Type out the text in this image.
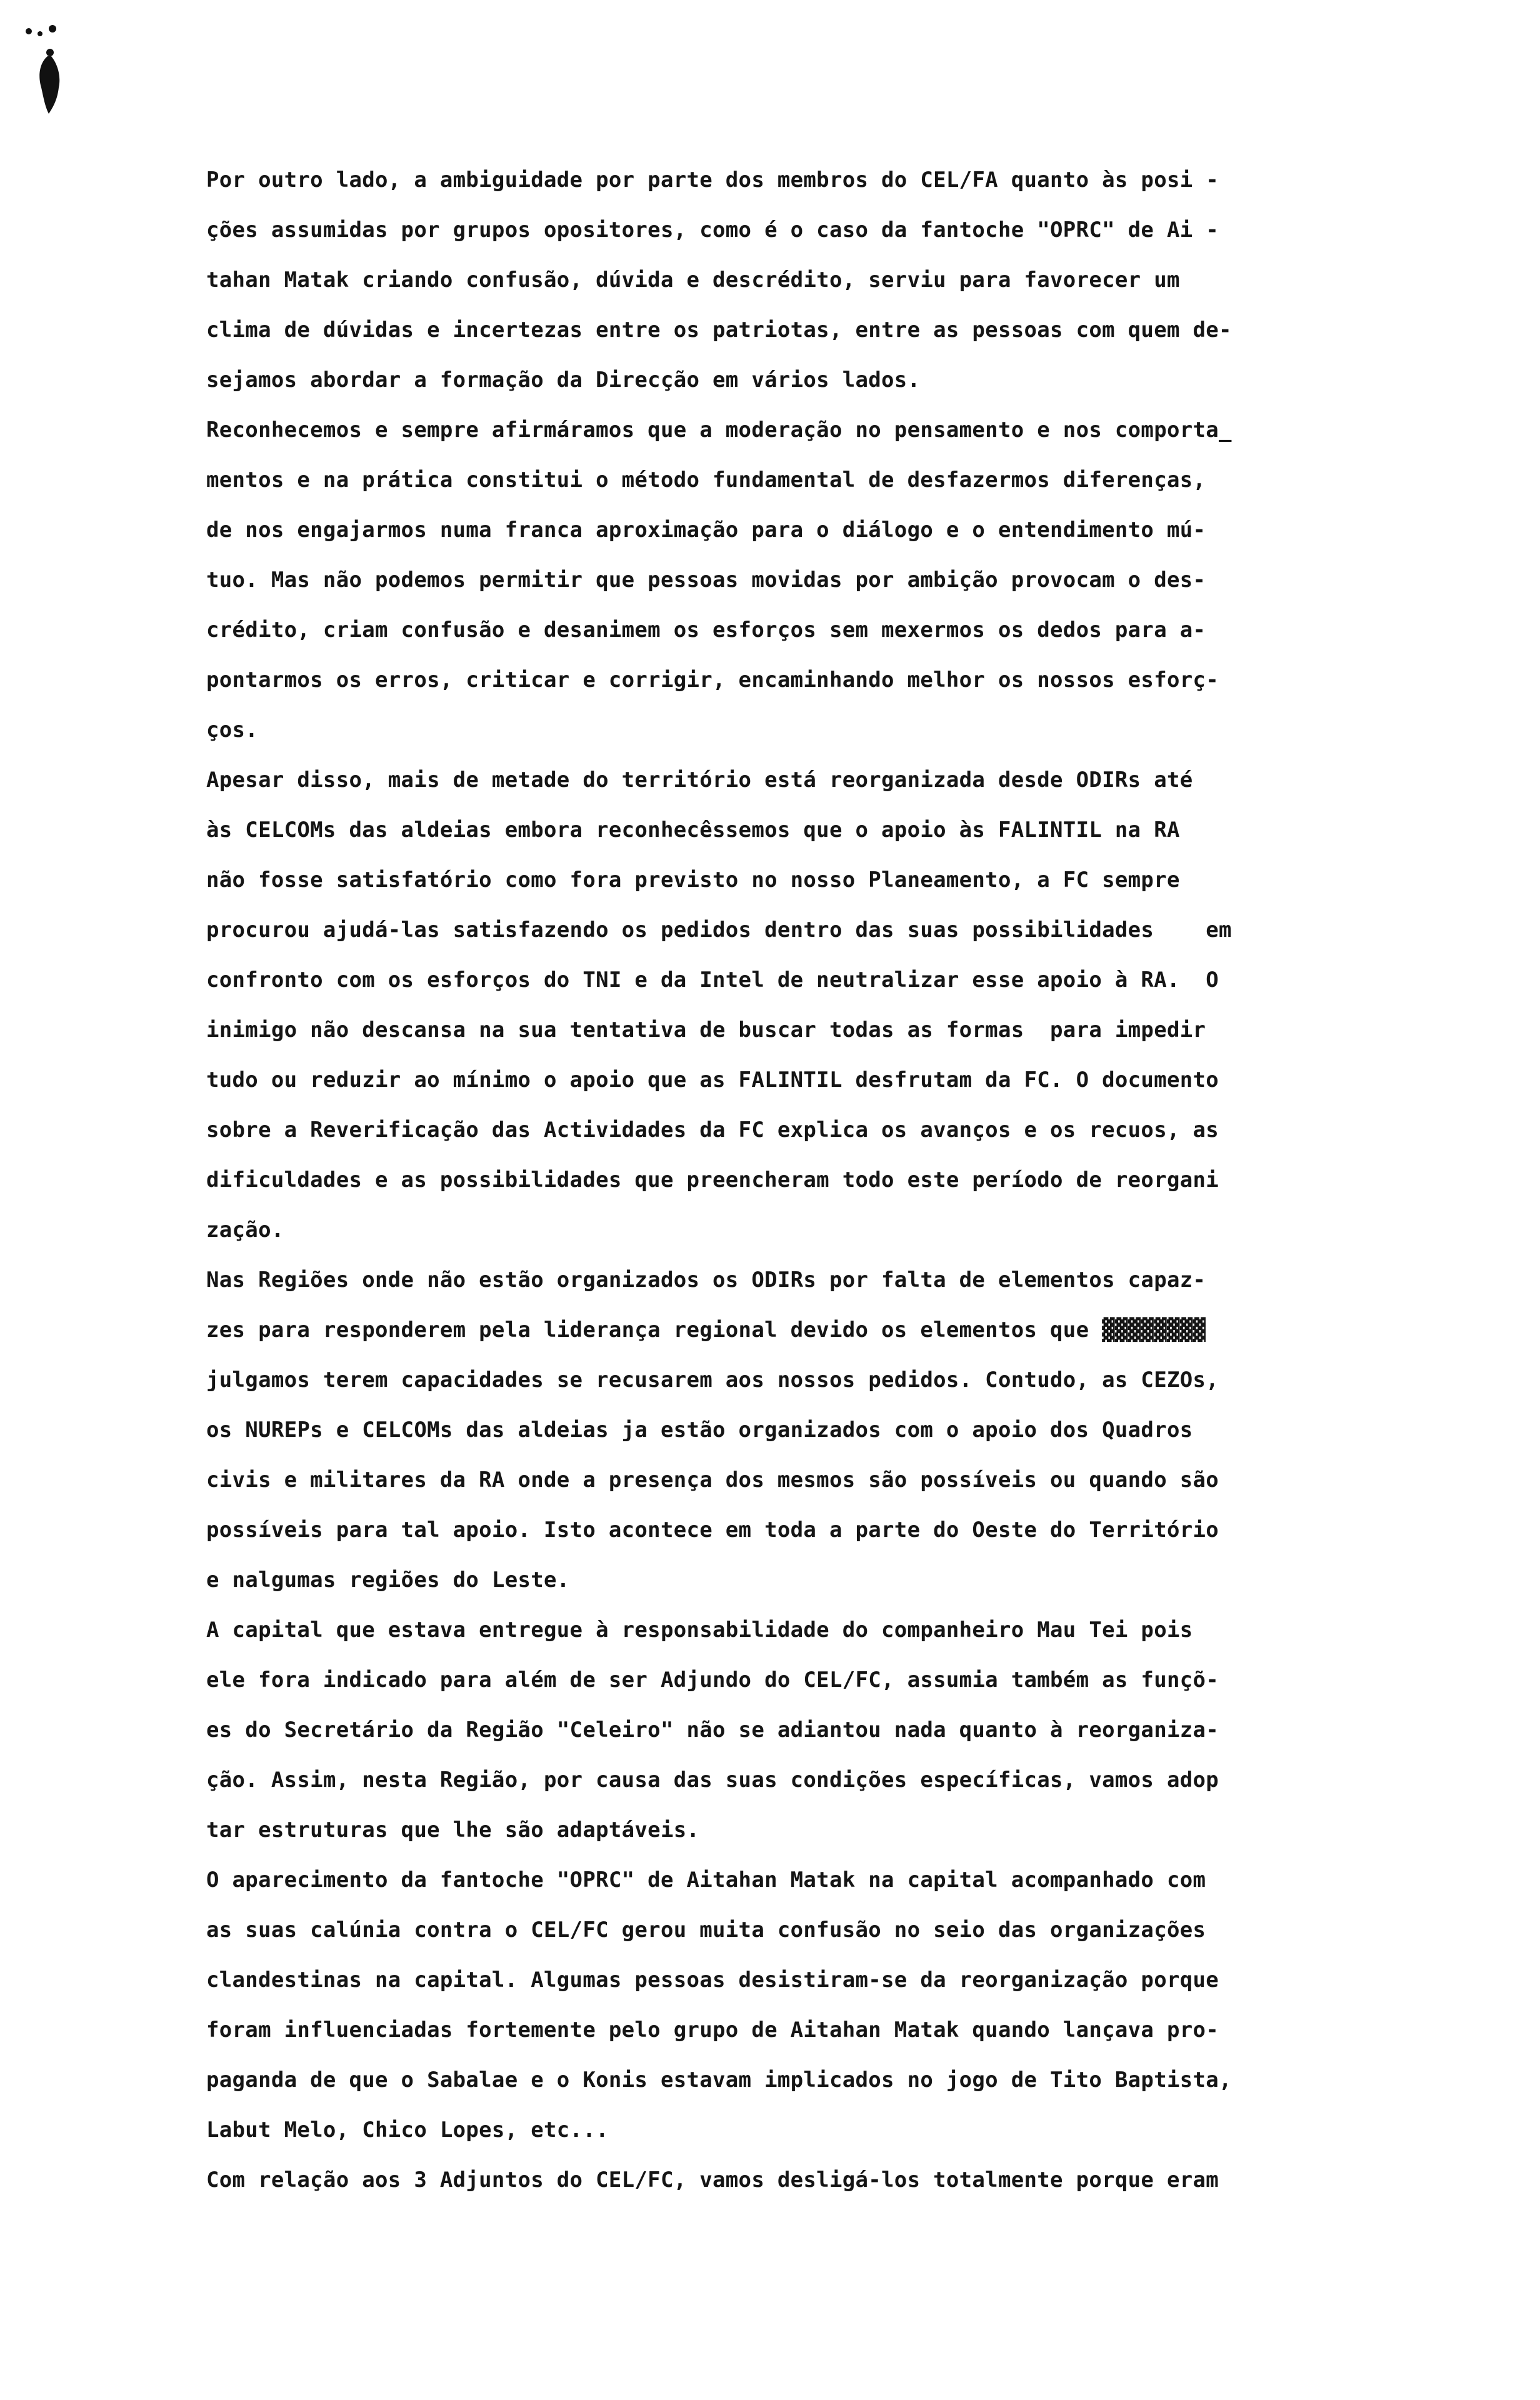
Por outro lado, a ambiguidade por parte dos membros do CEL/FA quanto às posi -
ções assumidas por grupos opositores, como é o caso da fantoche "OPRC" de Ai -
tahan Matak criando confusão, dúvida e descrédito, serviu para favorecer um
clima de dúvidas e incertezas entre os patriotas, entre as pessoas com quem de-
sejamos abordar a formação da Direcção em vários lados.
Reconhecemos e sempre afirmáramos que a moderação no pensamento e nos comporta_
mentos e na prática constitui o método fundamental de desfazermos diferenças,
de nos engajarmos numa franca aproximação para o diálogo e o entendimento mú-
tuo. Mas não podemos permitir que pessoas movidas por ambição provocam o des-
crédito, criam confusão e desanimem os esforços sem mexermos os dedos para a-
pontarmos os erros, criticar e corrigir, encaminhando melhor os nossos esforç-
ços.
Apesar disso, mais de metade do território está reorganizada desde ODIRs até
às CELCOMs das aldeias embora reconhecêssemos que o apoio às FALINTIL na RA
não fosse satisfatório como fora previsto no nosso Planeamento, a FC sempre
procurou ajudá-las satisfazendo os pedidos dentro das suas possibilidades    em
confronto com os esforços do TNI e da Intel de neutralizar esse apoio à RA.  O
inimigo não descansa na sua tentativa de buscar todas as formas  para impedir
tudo ou reduzir ao mínimo o apoio que as FALINTIL desfrutam da FC. O documento
sobre a Reverificação das Actividades da FC explica os avanços e os recuos, as
dificuldades e as possibilidades que preencheram todo este período de reorgani
zação.
Nas Regiões onde não estão organizados os ODIRs por falta de elementos capaz-
zes para responderem pela liderança regional devido os elementos que ▓▓▓▓▓▓▓▓
julgamos terem capacidades se recusarem aos nossos pedidos. Contudo, as CEZOs,
os NUREPs e CELCOMs das aldeias ja estão organizados com o apoio dos Quadros
civis e militares da RA onde a presença dos mesmos são possíveis ou quando são
possíveis para tal apoio. Isto acontece em toda a parte do Oeste do Território
e nalgumas regiões do Leste.
A capital que estava entregue à responsabilidade do companheiro Mau Tei pois
ele fora indicado para além de ser Adjundo do CEL/FC, assumia também as funçõ-
es do Secretário da Região "Celeiro" não se adiantou nada quanto à reorganiza-
ção. Assim, nesta Região, por causa das suas condições específicas, vamos adop
tar estruturas que lhe são adaptáveis.
O aparecimento da fantoche "OPRC" de Aitahan Matak na capital acompanhado com
as suas calúnia contra o CEL/FC gerou muita confusão no seio das organizações
clandestinas na capital. Algumas pessoas desistiram-se da reorganização porque
foram influenciadas fortemente pelo grupo de Aitahan Matak quando lançava pro-
paganda de que o Sabalae e o Konis estavam implicados no jogo de Tito Baptista,
Labut Melo, Chico Lopes, etc...
Com relação aos 3 Adjuntos do CEL/FC, vamos desligá-los totalmente porque eram
